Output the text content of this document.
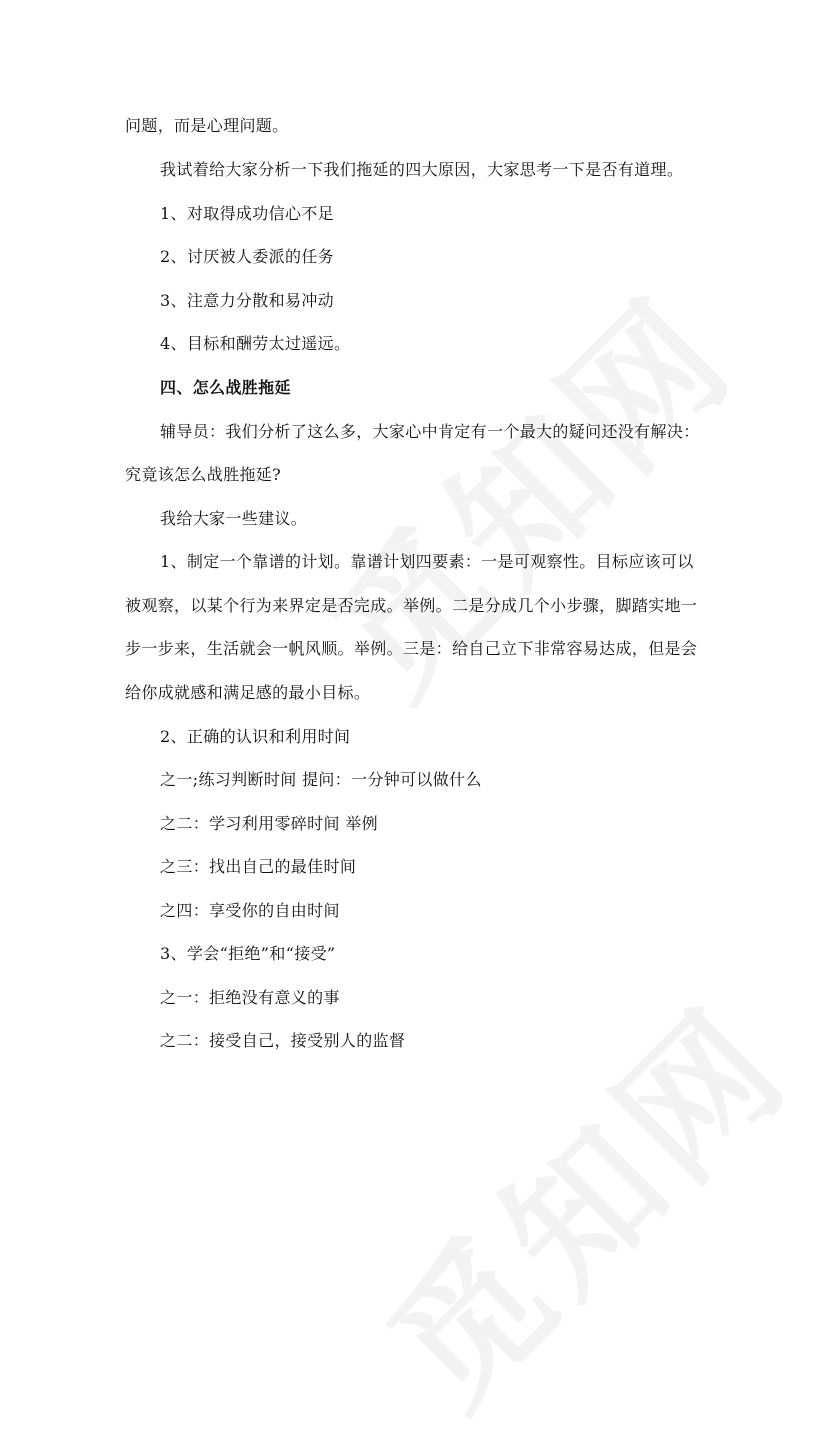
问题，而是心理问题。
我试着给大家分析一下我们拖延的四大原因，大家思考一下是否有道理。
1、对取得成功信心不足
2、讨厌被人委派的任务
3、注意力分散和易冲动
4、目标和酬劳太过遥远。
四、怎么战胜拖延
辅导员：我们分析了这么多，大家心中肯定有一个最大的疑问还没有解决：
究竟该怎么战胜拖延?
我给大家一些建议。
1、制定一个靠谱的计划。靠谱计划四要素：一是可观察性。目标应该可以
被观察，以某个行为来界定是否完成。举例。二是分成几个小步骤，脚踏实地一
步一步来，生活就会一帆风顺。举例。三是：给自己立下非常容易达成，但是会
给你成就感和满足感的最小目标。
2、正确的认识和利用时间
之一;练习判断时间 提问：一分钟可以做什么
之二：学习利用零碎时间 举例
之三：找出自己的最佳时间
之四：享受你的自由时间
3、学会“拒绝”和“接受”
之一：拒绝没有意义的事
之二：接受自己，接受别人的监督
